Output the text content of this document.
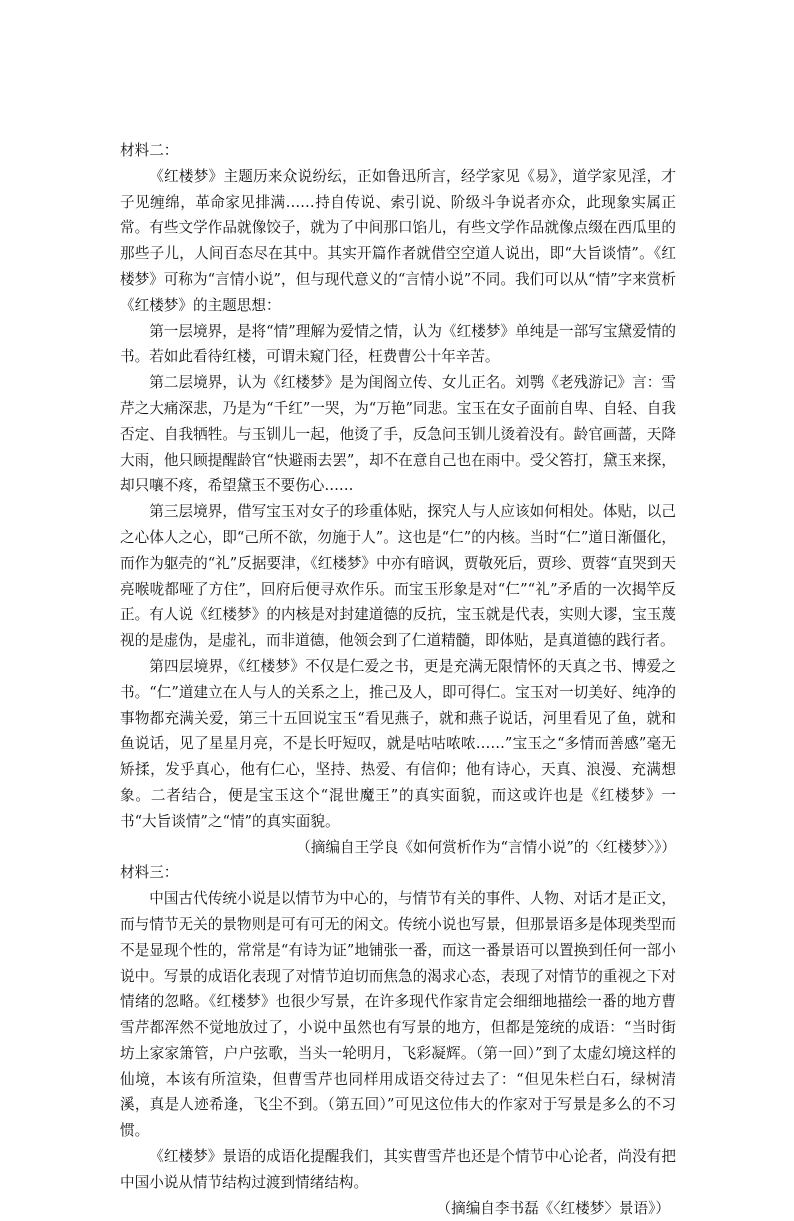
材料二：

《红楼梦》主题历来众说纷纭，正如鲁迅所言，经学家见《易》，道学家见淫，才子见缠绵，革命家见排满……持自传说、索引说、阶级斗争说者亦众，此现象实属正常。有些文学作品就像饺子，就为了中间那口馅儿，有些文学作品就像点缀在西瓜里的那些子儿，人间百态尽在其中。其实开篇作者就借空空道人说出，即“大旨谈情”。《红楼梦》可称为“言情小说”，但与现代意义的“言情小说”不同。我们可以从“情”字来赏析《红楼梦》的主题思想：

第一层境界，是将“情”理解为爱情之情，认为《红楼梦》单纯是一部写宝黛爱情的书。若如此看待红楼，可谓未窥门径，枉费曹公十年辛苦。

第二层境界，认为《红楼梦》是为闺阁立传、女儿正名。刘鹗《老残游记》言：雪芹之大痛深悲，乃是为“千红”一哭，为“万艳”同悲。宝玉在女子面前自卑、自轻、自我否定、自我牺牲。与玉钏儿一起，他烫了手，反急问玉钏儿烫着没有。龄官画蔷，天降大雨，他只顾提醒龄官“快避雨去罢”，却不在意自己也在雨中。受父笞打，黛玉来探，却只嚷不疼，希望黛玉不要伤心……

第三层境界，借写宝玉对女子的珍重体贴，探究人与人应该如何相处。体贴，以己之心体人之心，即“己所不欲，勿施于人”。这也是“仁”的内核。当时“仁”道日渐僵化，而作为躯壳的“礼”反据要津，《红楼梦》中亦有暗讽，贾敬死后，贾珍、贾蓉“直哭到天亮喉咙都哑了方住”，回府后便寻欢作乐。而宝玉形象是对“仁”“礼”矛盾的一次揭竿反正。有人说《红楼梦》的内核是对封建道德的反抗，宝玉就是代表，实则大谬，宝玉蔑视的是虚伪，是虚礼，而非道德，他领会到了仁道精髓，即体贴，是真道德的践行者。

第四层境界，《红楼梦》不仅是仁爱之书，更是充满无限情怀的天真之书、博爱之书。“仁”道建立在人与人的关系之上，推己及人，即可得仁。宝玉对一切美好、纯净的事物都充满关爱，第三十五回说宝玉“看见燕子，就和燕子说话，河里看见了鱼，就和鱼说话，见了星星月亮，不是长吁短叹，就是咕咕哝哝……”宝玉之“多情而善感”毫无矫揉，发乎真心，他有仁心，坚持、热爱、有信仰；他有诗心，天真、浪漫、充满想象。二者结合，便是宝玉这个“混世魔王”的真实面貌，而这或许也是《红楼梦》一书“大旨谈情”之“情”的真实面貌。

（摘编自王学良《如何赏析作为“言情小说”的〈红楼梦〉》）

材料三：

中国古代传统小说是以情节为中心的，与情节有关的事件、人物、对话才是正文，而与情节无关的景物则是可有可无的闲文。传统小说也写景，但那景语多是体现类型而不是显现个性的，常常是“有诗为证”地铺张一番，而这一番景语可以置换到任何一部小说中。写景的成语化表现了对情节迫切而焦急的渴求心态，表现了对情节的重视之下对情绪的忽略。《红楼梦》也很少写景，在许多现代作家肯定会细细地描绘一番的地方曹雪芹都浑然不觉地放过了，小说中虽然也有写景的地方，但都是笼统的成语：“当时街坊上家家箫管，户户弦歌，当头一轮明月，飞彩凝辉。（第一回）”到了太虚幻境这样的仙境，本该有所渲染，但曹雪芹也同样用成语交待过去了：“但见朱栏白石，绿树清溪，真是人迹希逢，飞尘不到。（第五回）”可见这位伟大的作家对于写景是多么的不习惯。

《红楼梦》景语的成语化提醒我们，其实曹雪芹也还是个情节中心论者，尚没有把中国小说从情节结构过渡到情绪结构。

（摘编自李书磊《〈红楼梦〉景语》）
